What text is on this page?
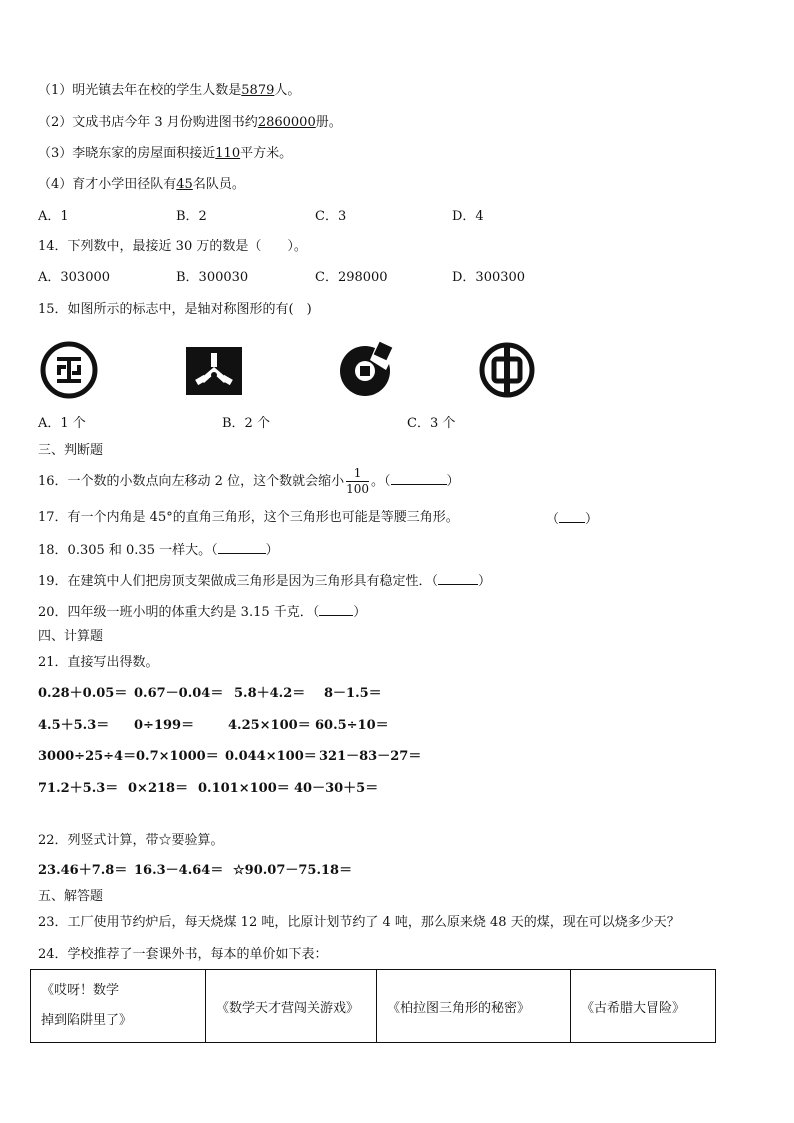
（1）明光镇去年在校的学生人数是5879人。
（2）文成书店今年 3 月份购进图书约2860000册。
（3）李晓东家的房屋面积接近110平方米。
（4）育才小学田径队有45名队员。
A．1	B．2	C．3	D．4
14．下列数中，最接近 30 万的数是（　　）。
A．303000	B．300030	C．298000	D．300300
15．如图所示的标志中，是轴对称图形的有(　)
A．1 个	B．2 个	C．3 个
三、判断题
16．一个数的小数点向左移动 2 位，这个数就会缩小 $\frac{1}{100}$ 。（	）
17．有一个内角是 45°的直角三角形，这个三角形也可能是等腰三角形。	（ ）
18．0.305 和 0.35 一样大。（	）
19．在建筑中人们把房顶支架做成三角形是因为三角形具有稳定性．（	）
20．四年级一班小明的体重大约是 3.15 千克．（	）
四、计算题
21．直接写出得数。
0.28＋0.05＝ 0.67－0.04＝ 5.8＋4.2＝ 8－1.5＝
4.5＋5.3＝ 0÷199＝	4.25×100＝ 60.5÷10＝
3000÷25÷4＝ 0.7×1000＝ 0.044×100＝ 321－83－27＝
71.2＋5.3＝ 0×218＝ 0.101×100＝ 40－30＋5＝
22．列竖式计算，带☆要验算。
23.46＋7.8＝ 16.3－4.64＝ ☆90.07－75.18＝
五、解答题
23．工厂使用节约炉后，每天烧煤 12 吨，比原计划节约了 4 吨，那么原来烧 48 天的煤，现在可以烧多少天？
24．学校推荐了一套课外书，每本的单价如下表：
《哎呀！数学
掉到陷阱里了》
	《数学天才营闯关游戏》	《柏拉图三角形的秘密》	《古希腊大冒险》
